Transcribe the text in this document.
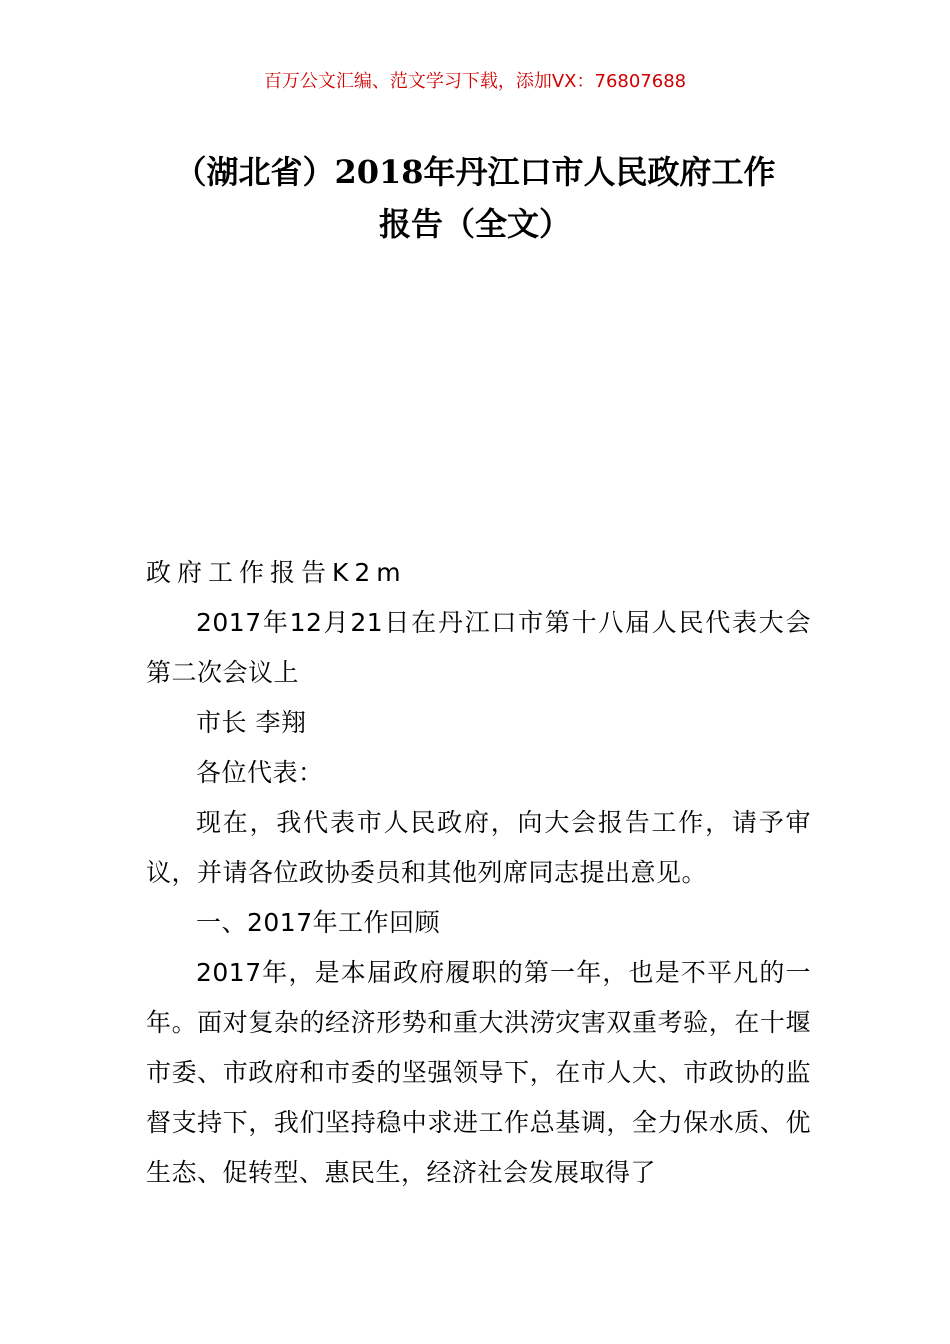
百万公文汇编、范文学习下载，添加VX：76807688
（湖北省）2018年丹江口市人民政府工作
报告（全文）

政府工作报告K2m

2017年12月21日在丹江口市第十八届人民代表大会第二次会议上

市长 李翔

各位代表：

现在，我代表市人民政府，向大会报告工作，请予审议，并请各位政协委员和其他列席同志提出意见。

一、2017年工作回顾

2017年，是本届政府履职的第一年，也是不平凡的一年。面对复杂的经济形势和重大洪涝灾害双重考验，在十堰市委、市政府和市委的坚强领导下，在市人大、市政协的监督支持下，我们坚持稳中求进工作总基调，全力保水质、优生态、促转型、惠民生，经济社会发展取得了
